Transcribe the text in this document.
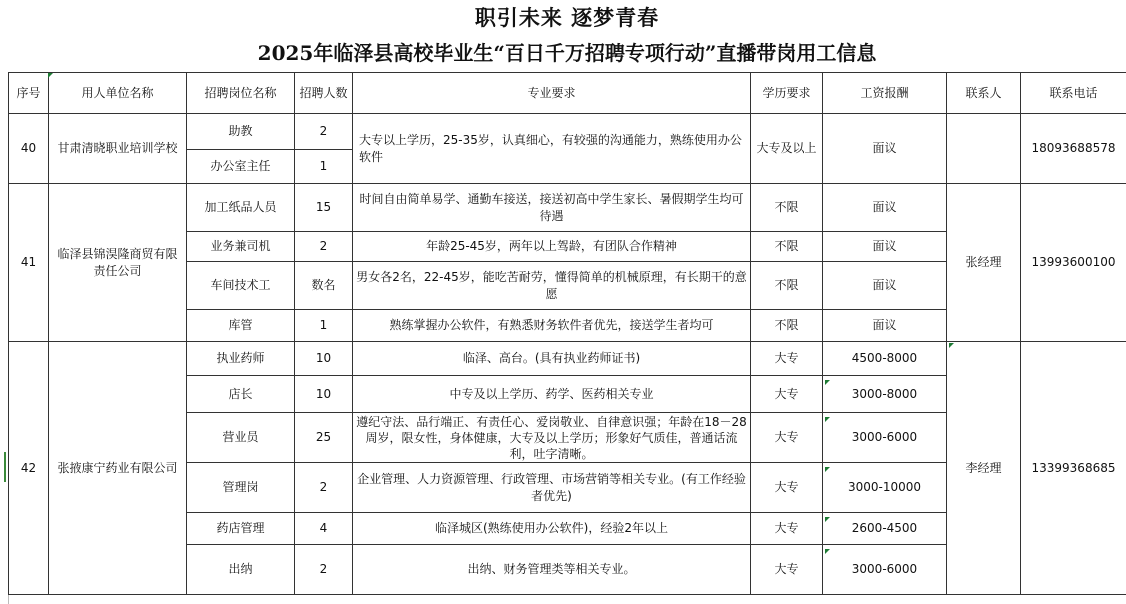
职引未来 逐梦青春
2025年临泽县高校毕业生“百日千万招聘专项行动”直播带岗用工信息
序号	用人单位名称	招聘岗位名称	招聘人数	专业要求	学历要求	工资报酬	联系人	联系电话
40	甘肃清晓职业培训学校	助教	2	大专以上学历，25-35岁，认真细心，有较强的沟通能力，熟练使用办公软件	大专及以上	面议		18093688578
		办公室主任	1					
41	临泽县锦淏隆商贸有限责任公司	加工纸品人员	15	时间自由简单易学、通勤车接送，接送初高中学生家长、暑假期学生均可待遇	不限	面议	张经理	13993600100
		业务兼司机	2	年龄25-45岁，两年以上驾龄，有团队合作精神	不限	面议		
		车间技术工	数名	男女各2名，22-45岁，能吃苦耐劳，懂得简单的机械原理，有长期干的意愿	不限	面议		
		库管	1	熟练掌握办公软件，有熟悉财务软件者优先，接送学生者均可	不限	面议		
42	张掖康宁药业有限公司	执业药师	10	临泽、高台。(具有执业药师证书)	大专	4500-8000	李经理	13399368685
		店长	10	中专及以上学历、药学、医药相关专业	大专	3000-8000		
		营业员	25	遵纪守法、品行端正、有责任心、爱岗敬业、自律意识强；年龄在18－28周岁，限女性，身体健康，大专及以上学历；形象好气质佳，普通话流利，吐字清晰。	大专	3000-6000		
		管理岗	2	企业管理、人力资源管理、行政管理、市场营销等相关专业。(有工作经验者优先)	大专	3000-10000		
		药店管理	4	临泽城区(熟练使用办公软件)，经验2年以上	大专	2600-4500		
		出纳	2	出纳、财务管理类等相关专业。	大专	3000-6000		
